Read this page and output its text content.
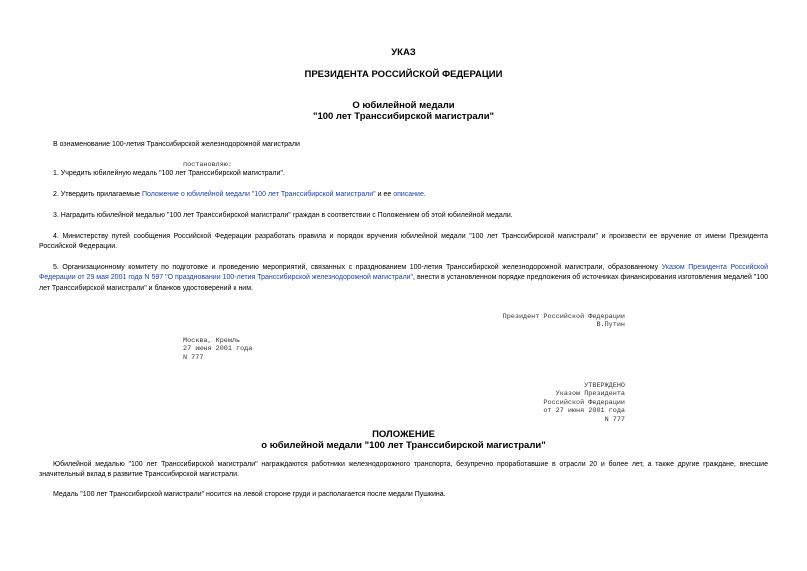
УКАЗ
ПРЕЗИДЕНТА РОССИЙСКОЙ ФЕДЕРАЦИИ
О юбилейной медали
"100 лет Транссибирской магистрали"
В ознаменование 100-летия Транссибирской железнодорожной магистрали
постановляю:
1. Учредить юбилейную медаль "100 лет Транссибирской магистрали".
2. Утвердить прилагаемые Положение о юбилейной медали "100 лет Транссибирской магистрали" и ее описание.
3. Наградить юбилейной медалью "100 лет Транссибирской магистрали" граждан в соответствии с Положением об этой юбилейной медали.
4. Министерству путей сообщения Российской Федерации разработать правила и порядок вручения юбилейной медали "100 лет Транссибирской магистрали" и произвести ее вручение от имени Президента Российской Федерации.
5. Организационному комитету по подготовке и проведению мероприятий, связанных с празднованием 100-летия Транссибирской железнодорожной магистрали, образованному Указом Президента Российской Федерации от 29 мая 2001 года N 597 "О праздновании 100-летия Транссибирской железнодорожной магистрали", внести в установленном порядке предложения об источниках финансирования изготовления медалей "100 лет Транссибирской магистрали" и бланков удостоверений к ним.
Президент Российской Федерации
В.Путин
Москва, Кремль
27 июня 2001 года
N 777
УТВЕРЖДЕНО
Указом Президента
Российской Федерации
от 27 июня 2001 года
N 777
ПОЛОЖЕНИЕ
о юбилейной медали "100 лет Транссибирской магистрали"
Юбилейной медалью "100 лет Транссибирской магистрали" награждаются работники железнодорожного транспорта, безупречно проработавшие в отрасли 20 и более лет, а также другие граждане, внесшие значительный вклад в развитие Транссибирской магистрали.
Медаль "100 лет Транссибирской магистрали" носится на левой стороне груди и располагается после медали Пушкина.
